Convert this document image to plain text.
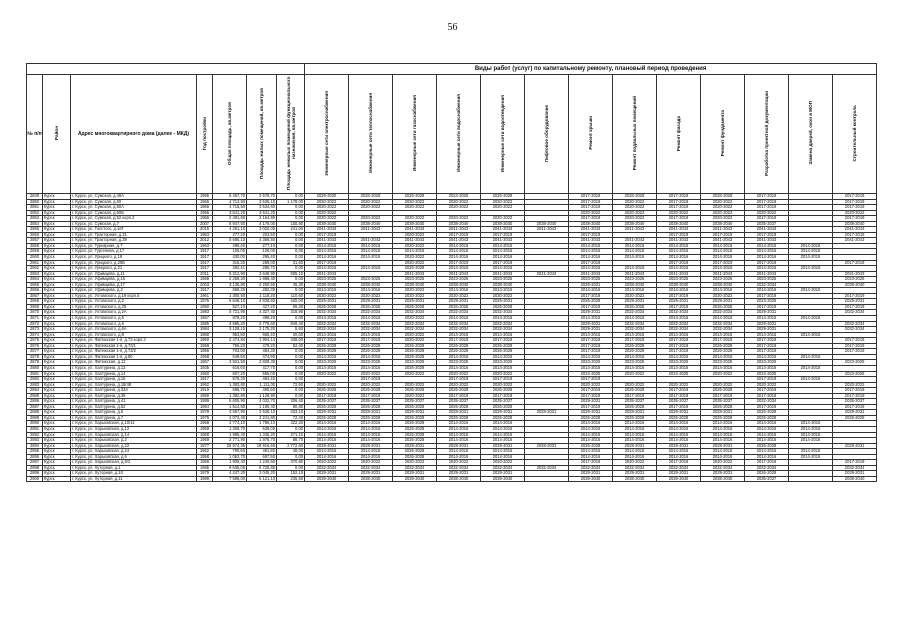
56
							Виды работ (услуг) по капитальному ремонту, плановый период проведения												
№ п/п	Район	Адрес многоквартирного дома (далее - МКД)	Год постройки	Общая площадь, кв.метров	Площадь жилых помещений, кв.метров	Площадь нежилых помещений функционального назначения, кв.метров	Инженерные сети электроснабжения	Инженерные сети теплоснабжения	Инженерные сети газоснабжения	Инженерные сети водоснабжения	Инженерные сети водоотведения	Лифтовое оборудование	Ремонт крыши	Ремонт подвальных помещений	Ремонт фасада	Ремонт фундамента	Разработка проектной документации	Замена дверей, окон в МОП	Строительный контроль
2849	Курск	г. Курск, ул. Сумская, д.48А	1965	5 457,70	2 578,70	0,00	2029-2030	2026-2028	2026-2028	2024-2026	2026-2028		2017-2019	2026-2028	2017-2019	2026-2028	2017-2019		2017-2019
2850	Курск	г. Курск, ул. Сумская, д.50	1966	4 713,50	3 535,10	1 178,00	2020-2022	2020-2022	2020-2022	2020-2022	2020-2022		2017-2019	2020-2022	2017-2019	2020-2022	2017-2019		2017-2019
2851	Курск	г. Курск, ул. Сумская, д.50А	1966	4 715,50	3 534,60	0,00	2020-2022	2020-2022	2020-2022	2020-2022	2020-2022		2017-2019	2020-2022	2017-2019	2020-2022	2017-2019		2017-2019
2852	Курск	г. Курск, ул. Сумская, д.50Б	1966	3 541,20	3 541,20	0,00	2020-2022						2020-2022	2020-2022	2020-2022	2020-2022	2020-2022		2020-2022
2853	Курск	г. Курск, ул. Сумская, д.52 корп.2	1966	2 491,60	2 164,90	0,00	2020-2022	2020-2022	2020-2022	2020-2022	2020-2022		2017-2019	2020-2022	2017-2019	2020-2022	2017-2019		2017-2019
2854	Курск	г. Курск, ул. Сумская, д.7	2007	5 947,50	4 176,00	150,90	2038-2040	2038-2040	2038-2040	2038-2040	2038-2040	2038-2040	2038-2040	2038-2040	2038-2040	2038-2040	2035-2037		2038-2040
2855	Курск	г. Курск, ул. Толстого, д.16Г	2015	4 291,10	3 020,00	241,00	2041-2043	2041-2043	2041-2043	2041-2043	2041-2043	2041-2043	2041-2043	2041-2043	2041-2043	2041-2043	2041-2043		2041-2043
2856	Курск	г. Курск, ул. Тракторная, д.31	1963	277,20	202,50	0,00	2017-2019		2020-2022	2017-2019	2017-2019		2017-2019		2017-2019	2017-2019	2017-2019		2017-2019
2857	Курск	г. Курск, ул. Тракторная, д.39	2012	5 686,10	4 368,50	0,00	2041-2043	2041-2043	2041-2043	2041-2043	2041-2043		2041-2043	2041-2043	2041-2043	2041-2043	2041-2043		2041-2043
2858	Курск	г. Курск, ул. Туркарная, д.7	1963	289,40	277,10	0,00	2014-2016	2014-2016	2020-2022	2014-2016	2014-2016		2014-2016	2014-2016	2014-2016	2014-2016	2014-2016	2014-2016	
2859	Курск	г. Курск, ул. Тургенева, д.17	1917	106,00	106,00	0,00	2014-2016	2014-2016	2014-2016	2014-2016	2014-2016		2014-2016	2014-2016	2014-2016	2014-2016	2014-2016	2014-2016	
2860	Курск	г. Курск, ул. Урицкого, д.19	1917	430,00	295,40	0,00	2014-2016	2014-2016	2020-2022	2014-2016	2014-2016		2014-2016	2014-2016	2014-2016	2014-2016	2014-2016	2014-2016	
2861	Курск	г. Курск, ул. Урицкого, д.20Б	1917	316,30	259,00	31,60	2017-2019		2020-2022	2017-2019	2017-2019		2017-2019		2017-2019	2017-2019	2017-2019		2017-2019
2862	Курск	г. Курск, ул. Урицкого, д.21	1917	292,41	286,70	0,00	2014-2016	2014-2016	2026-2028	2014-2016	2014-2016		2014-2016	2014-2016	2014-2016	2014-2016	2014-2016	2014-2016	
2863	Курск	г. Курск, ул. Уфимцева, д.11	2011	5 312,90	3 648,90	505,10	2041-2043		2041-2043	2041-2043	2041-2043	2041-2043	2041-2043	2041-2043	2041-2043	2041-2043	2041-2043		2041-2043
2864	Курск	г. Курск, ул. Уфимцева, д.15	1968	2 269,20	1 988,40	0,00	2023-2025	2023-2025	2023-2025	2023-2025	2023-2025		2023-2025	2023-2025	2023-2025	2023-2025	2023-2025		2023-2025
2865	Курск	г. Курск, ул. Уфимцева, д.17	2003	3 136,80	2 250,50	45,30	2038-2040	2038-2040	2038-2040	2038-2040	2038-2040		2029-2031	2038-2040	2038-2040	2038-2040	2032-2034		2038-2040
2866	Курск	г. Курск, ул. Уфимцева, д.2	1917	658,30	282,30	0,00	2014-2016	2014-2016	2020-2022	2014-2016	2014-2016		2014-2016	2014-2016	2014-2016	2014-2016	2014-2016	2014-2016	
2867	Курск	г. Курск, ул. Ухтомского, д.19 корп.5	1961	1 300,50	1 118,20	110,60	2020-2022	2020-2022	2020-2022	2020-2022	2020-2022		2017-2019	2020-2022	2017-2019	2020-2022	2017-2019		2017-2019
2868	Курск	г. Курск, ул. Ухтомского, д.2	1976	6 648,10	4 838,60	420,00	2029-2031	2029-2031	2029-2031	2029-2031	2029-2031		2026-2028	2029-2031	2029-2031	2029-2031	2023-2025		2029-2031
2869	Курск	г. Курск, ул. Ухтомского, д.25	1950	527,10	427,20	65,30	2026-2028	2026-2028	2026-2028	2026-2028	2026-2028		2017-2019	2026-2028	2017-2019	2026-2028	2017-2019		2017-2019
2870	Курск	г. Курск, ул. Ухтомского, д.2А	1983	5 721,90	4 327,40	318,90	2032-2034	2032-2034	2032-2034	2032-2034	2032-2034		2029-2031	2032-2034	2032-2034	2032-2034	2029-2031		2032-2034
2871	Курск	г. Курск, ул. Ухтомского, д.5	1957	879,20	498,20	0,00	2014-2016	2014-2016	2020-2022	2014-2016	2014-2016		2014-2016	2014-2016	2014-2016	2014-2016	2014-2016	2014-2016	
2872	Курск	г. Курск, ул. Ухтомского, д.6	1985	3 685,20	2 775,60	849,40	2032-2034	2032-2034	2032-2034	2032-2034	2032-2034		2029-2031	2032-2034	2032-2034	2032-2034	2029-2031		2032-2034
2873	Курск	г. Курск, ул. Ухтомского, д.6А	1984	3 128,10	2 175,20	5,60	2032-2034	2032-2034	2032-2034	2032-2034	2032-2034		2029-2031	2032-2034	2032-2034	2032-2034	2029-2031		2032-2034
2874	Курск	г. Курск, ул. Ухтомского, д.8	1958	953,80	666,40	20,00	2014-2016	2014-2016	2020-2022	2014-2016	2014-2016		2014-2016	2014-2016	2014-2016	2014-2016	2014-2016	2014-2016	
2875	Курск	г. Курск, ул. Фатежская 1-я, д.73 корп.3	1960	2 474,84	1 904,14	438,00	2017-2019	2017-2019	2020-2022	2017-2019	2017-2019		2017-2019	2017-2019	2017-2019	2017-2019	2017-2019		2017-2019
2876	Курск	г. Курск, ул. Фатежская 1-я, д.73/1	1958	756,20	479,20	52,40	2026-2028	2026-2028	2026-2028	2026-2028	2026-2028		2017-2019	2026-2028	2017-2019	2026-2028	2017-2019		2017-2019
2877	Курск	г. Курск, ул. Фатежская 1-я, д.73/2	1956	703,00	484,30	0,00	2026-2028	2026-2028	2026-2028	2026-2028	2026-2028		2017-2019	2026-2028	2017-2019	2026-2028	2017-2019		2017-2019
2878	Курск	г. Курск, ул. Фатежская 1-я, д.80	1958	649,50	474,90	0,00	2014-2016	2014-2016	2026-2028	2014-2016	2014-2016		2014-2016	2014-2016	2014-2016	2014-2016	2014-2016	2014-2016	
2879	Курск	г. Курск, ул. Фатежская, д.12	1967	3 921,50	2 828,30	0,00	2023-2025	2023-2025	2023-2025	2023-2025	2023-2025		2023-2025	2023-2025	2023-2025	2023-2025	2023-2025		2023-2025
2880	Курск	г. Курск, ул. Халтурина, д.12	1935	616,60	417,70	0,00	2014-2016	2014-2016	2026-2028	2014-2016	2014-2016		2014-2016	2014-2016	2014-2016	2014-2016	2014-2016	2014-2016	
2881	Курск	г. Курск, ул. Халтурина, д.14	1960	607,20	555,00	0,00	2020-2022	2020-2022	2020-2022	2020-2022	2020-2022		2023-2025	2020-2022	2023-2025	2020-2022	2023-2025		2023-2025
2882	Курск	г. Курск, ул. Халтурина, д.15	1917	575,30	484,40	0,00		2017-2019		2017-2019	2017-2019		2017-2019				2017-2019	2014-2016	
2883	Курск	г. Курск, ул. Халтурина, д.18/48	1962	1 383,80	1 111,00	72,50	2020-2022	2020-2022	2020-2022	2020-2022	2020-2022		2020-2022	2020-2022	2020-2022	2020-2022	2020-2022		2020-2022
2884	Курск	г. Курск, ул. Халтурина, д.33А	1919	696,70	490,50	0,00	2026-2028	2026-2028	2026-2028	2026-2028	2026-2028		2017-2019	2026-2028	2017-2019	2026-2028	2017-2019		2017-2019
2885	Курск	г. Курск, ул. Халтурина, д.39	1959	1 392,80	1 128,90	0,00	2017-2019	2017-2019	2020-2022	2017-2019	2017-2019		2017-2019	2017-2019	2017-2019	2017-2019	2017-2019		2017-2019
2886	Курск	г. Курск, ул. Халтурина, д.41	1989	5 605,90	4 032,70	206,40	2035-2037	2035-2037	2035-2037	2035-2037	2035-2037		2029-2031	2035-2037	2035-2037	2035-2037	2032-2034		2035-2037
2887	Курск	г. Курск, ул. Халтурина, д.52	1964	1 514,50	1 190,40	80,80	2026-2028	2026-2028	2026-2028	2026-2028	2026-2028		2017-2019	2026-2028	2017-2019	2026-2028	2017-2019		2017-2019
2888	Курск	г. Курск, ул. Халтурина, д.5	1979	3 657,90	2 636,10	333,10	2029-2031	2029-2031	2029-2031	2029-2031	2029-2031	2029-2031	2029-2031	2029-2031	2029-2031	2029-2031	2026-2028		2029-2031
2889	Курск	г. Курск, ул. Халтурина, д.7	1975	4 073,40	3 241,80	72,40	2026-2028	2026-2028	2026-2028	2026-2028	2026-2028		2026-2028	2026-2028	2026-2028	2026-2028	2026-2028		2026-2028
2890	Курск	г. Курск, ул. Харьковская, д.10/11	1958	2 774,10	1 786,10	322,20	2014-2016	2014-2016	2026-2028	2014-2016	2014-2016		2014-2016	2014-2016	2014-2016	2014-2016	2014-2016	2014-2016	
2891	Курск	г. Курск, ул. Харьковская, д.12	1959	1 308,70	638,00	0,00	2014-2016	2014-2016	2026-2028	2014-2016	2014-2016		2014-2016	2014-2016	2014-2016	2014-2016	2014-2016	2014-2016	
2892	Курск	г. Курск, ул. Харьковская, д.14	1958	1 985,40	1 345,20	271,10	2014-2016	2014-2016	2026-2028	2014-2016	2014-2016		2014-2016	2014-2016	2014-2016	2014-2016	2014-2016	2014-2016	
2893	Курск	г. Курск, ул. Харьковская, д.2	1959	2 771,90	1 976,70	88,70	2014-2016	2014-2016	2026-2028	2014-2016	2014-2016		2014-2016	2014-2016	2014-2016	2014-2016	2014-2016	2014-2016	
2894	Курск	г. Курск, ул. Харьковская, д.22	1977	26 574,35	18 916,65	2 772,60	2029-2031	2029-2031	2029-2031	2029-2031	2029-2031	2029-2031	2026-2028	2029-2031	2029-2031	2029-2031	2026-2028		2029-2031
2895	Курск	г. Курск, ул. Харьковская, д.24	1962	790,50	481,80	48,00	2014-2016	2014-2016	2026-2028	2014-2016	2014-2016		2014-2016	2014-2016	2014-2016	2014-2016	2014-2016	2014-2016	
2896	Курск	г. Курск, ул. Харьковская, д.6	1958	1 062,70	687,50	0,00	2014-2016	2014-2016	2026-2028	2014-2016	2014-2016		2014-2016	2014-2016	2014-2016	2014-2016	2014-2016	2014-2016	
2897	Курск	г. Курск, ул. Харьковская, д.8/2	1958	1 905,40	1 240,60	370,80	2020-2022	2020-2022	2020-2022	2020-2022	2020-2022		2017-2019	2020-2022	2017-2019	2020-2022	2017-2019		2017-2019
2898	Курск	г. Курск, ул. Хуторная, д.1	1985	8 635,00	5 725,80	0,00	2032-2034	2032-2034	2032-2034	2032-2034	2032-2034	2032-2034	2032-2034	2032-2034	2032-2034	2032-2034	2032-2034		2032-2034
2899	Курск	г. Курск, ул. Хуторная, д.10	1979	4 247,20	3 045,20	152,10	2029-2031	2029-2031	2029-2031	2029-2031	2029-2031		2029-2031	2029-2031	2029-2031	2029-2031	2026-2028		2029-2031
2900	Курск	г. Курск, ул. Хуторная, д.11	1999	7 598,00	6 121,10	235,60	2038-2040	2038-2040	2038-2040	2038-2040	2038-2040		2038-2040	2038-2040	2038-2040	2038-2040	2035-2037		2038-2040
